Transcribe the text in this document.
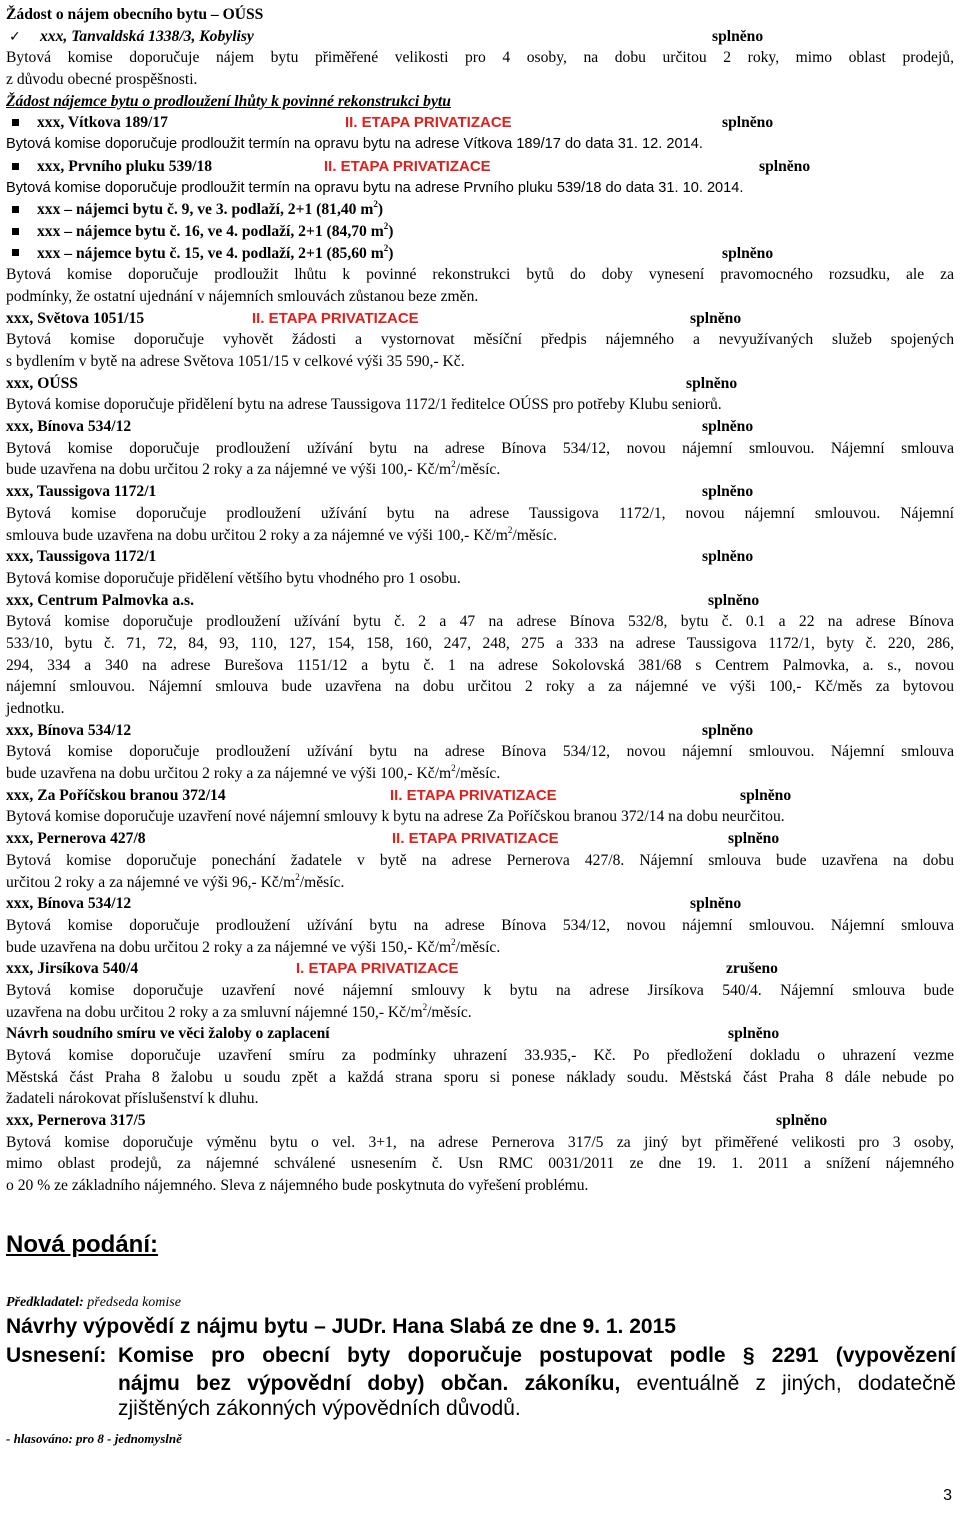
Žádost o nájem obecního bytu – OÚSS
✓ xxx, Tanvaldská 1338/3, Kobylisy	splněno
Bytová komise doporučuje nájem bytu přiměřené velikosti pro 4 osoby, na dobu určitou 2 roky, mimo oblast prodejů,
z důvodu obecné prospěšnosti.
Žádost nájemce bytu o prodloužení lhůty k povinné rekonstrukci bytu
xxx, Vítkova 189/17	II. ETAPA PRIVATIZACE	splněno
Bytová komise doporučuje prodloužit termín na opravu bytu na adrese Vítkova 189/17 do data 31. 12. 2014.
xxx, Prvního pluku 539/18	II. ETAPA PRIVATIZACE	splněno
Bytová komise doporučuje prodloužit termín na opravu bytu na adrese Prvního pluku 539/18 do data 31. 10. 2014.
xxx – nájemci bytu č. 9, ve 3. podlaží, 2+1 (81,40 $m^2$)
xxx – nájemce bytu č. 16, ve 4. podlaží, 2+1 (84,70 $m^2$)
xxx – nájemce bytu č. 15, ve 4. podlaží, 2+1 (85,60 $m^2$)	splněno
Bytová komise doporučuje prodloužit lhůtu k povinné rekonstrukci bytů do doby vynesení pravomocného rozsudku, ale za
podmínky, že ostatní ujednání v nájemních smlouvách zůstanou beze změn.
xxx, Světova 1051/15	II. ETAPA PRIVATIZACE	splněno
Bytová komise doporučuje vyhovět žádosti a vystornovat měsíční předpis nájemného a nevyužívaných služeb spojených
s bydlením v bytě na adrese Světova 1051/15 v celkové výši 35 590,- Kč.
xxx, OÚSS	splněno
Bytová komise doporučuje přidělení bytu na adrese Taussigova 1172/1 ředitelce OÚSS pro potřeby Klubu seniorů.
xxx, Bínova 534/12	splněno
Bytová komise doporučuje prodloužení užívání bytu na adrese Bínova 534/12, novou nájemní smlouvou. Nájemní smlouva
bude uzavřena na dobu určitou 2 roky a za nájemné ve výši 100,- $Kč/m^2$/měsíc.
xxx, Taussigova 1172/1	splněno
Bytová komise doporučuje prodloužení užívání bytu na adrese Taussigova 1172/1, novou nájemní smlouvou. Nájemní
smlouva bude uzavřena na dobu určitou 2 roky a za nájemné ve výši 100,- $Kč/m^2$/měsíc.
xxx, Taussigova 1172/1	splněno
Bytová komise doporučuje přidělení většího bytu vhodného pro 1 osobu.
xxx, Centrum Palmovka a.s.	splněno
Bytová komise doporučuje prodloužení užívání bytu č. 2 a 47 na adrese Bínova 532/8, bytu č. 0.1 a 22 na adrese Bínova
533/10, bytu č. 71, 72, 84, 93, 110, 127, 154, 158, 160, 247, 248, 275 a 333 na adrese Taussigova 1172/1, byty č. 220, 286,
294, 334 a 340 na adrese Burešova 1151/12 a bytu č. 1 na adrese Sokolovská 381/68 s Centrem Palmovka, a. s., novou
nájemní smlouvou. Nájemní smlouva bude uzavřena na dobu určitou 2 roky a za nájemné ve výši 100,- Kč/měs za bytovou
jednotku.
xxx, Bínova 534/12	splněno
Bytová komise doporučuje prodloužení užívání bytu na adrese Bínova 534/12, novou nájemní smlouvou. Nájemní smlouva
bude uzavřena na dobu určitou 2 roky a za nájemné ve výši 100,- $Kč/m^2$/měsíc.
xxx, Za Poříčskou branou 372/14	II. ETAPA PRIVATIZACE	splněno
Bytová komise doporučuje uzavření nové nájemní smlouvy k bytu na adrese Za Poříčskou branou 372/14 na dobu neurčitou.
xxx, Pernerova 427/8	II. ETAPA PRIVATIZACE	splněno
Bytová komise doporučuje ponechání žadatele v bytě na adrese Pernerova 427/8. Nájemní smlouva bude uzavřena na dobu
určitou 2 roky a za nájemné ve výši 96,- $Kč/m^2$/měsíc.
xxx, Bínova 534/12	splněno
Bytová komise doporučuje prodloužení užívání bytu na adrese Bínova 534/12, novou nájemní smlouvou. Nájemní smlouva
bude uzavřena na dobu určitou 2 roky a za nájemné ve výši 150,- $Kč/m^2$/měsíc.
xxx, Jirsíkova 540/4	I. ETAPA PRIVATIZACE	zrušeno
Bytová komise doporučuje uzavření nové nájemní smlouvy k bytu na adrese Jirsíkova 540/4. Nájemní smlouva bude
uzavřena na dobu určitou 2 roky a za smluvní nájemné 150,- $Kč/m^2$/měsíc.
Návrh soudního smíru ve věci žaloby o zaplacení	splněno
Bytová komise doporučuje uzavření smíru za podmínky uhrazení 33.935,- Kč. Po předložení dokladu o uhrazení vezme
Městská část Praha 8 žalobu u soudu zpět a každá strana sporu si ponese náklady soudu. Městská část Praha 8 dále nebude po
žadateli nárokovat příslušenství k dluhu.
xxx, Pernerova 317/5	splněno
Bytová komise doporučuje výměnu bytu o vel. 3+1, na adrese Pernerova 317/5 za jiný byt přiměřené velikosti pro 3 osoby,
mimo oblast prodejů, za nájemné schválené usnesením č. Usn RMC 0031/2011 ze dne 19. 1. 2011 a snížení nájemného
o 20 % ze základního nájemného. Sleva z nájemného bude poskytnuta do vyřešení problému.
Nová podání:
Předkladatel: předseda komise
Návrhy výpovědí z nájmu bytu – JUDr. Hana Slabá ze dne 9. 1. 2015
Usnesení: Komise pro obecní byty doporučuje postupovat podle § 2291 (vypovězení
nájmu bez výpovědní doby) občan. zákoníku, eventuálně z jiných, dodatečně
zjištěných zákonných výpovědních důvodů.
- hlasováno: pro 8 - jednomyslně
3
